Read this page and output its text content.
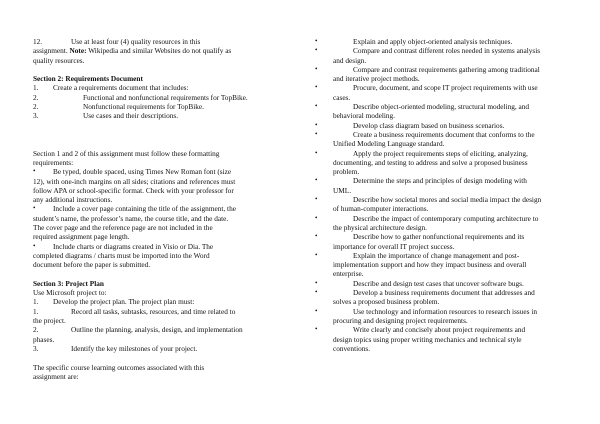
12.	Use at least four (4) quality resources in this
assignment. Note: Wikipedia and similar Websites do not qualify as
quality resources.
Section 2: Requirements Document
1.	Create a requirements document that includes:
2.	Functional and nonfunctional requirements for TopBike.
2.	Nonfunctional requirements for TopBike.
3.	Use cases and their descriptions.
Section 1 and 2 of this assignment must follow these formatting
requirements:
•	Be typed, double spaced, using Times New Roman font (size
12), with one-inch margins on all sides; citations and references must
follow APA or school-specific format. Check with your professor for
any additional instructions.
•	Include a cover page containing the title of the assignment, the
student’s name, the professor’s name, the course title, and the date.
The cover page and the reference page are not included in the
required assignment page length.
•	Include charts or diagrams created in Visio or Dia. The
completed diagrams / charts must be imported into the Word
document before the paper is submitted.
Section 3: Project Plan
Use Microsoft project to:
1.	Develop the project plan. The project plan must:
1.	Record all tasks, subtasks, resources, and time related to
the project.
2.	Outline the planning, analysis, design, and implementation
phases.
3.	Identify the key milestones of your project.
The specific course learning outcomes associated with this
assignment are:
•	Explain and apply object-oriented analysis techniques.
•	Compare and contrast different roles needed in systems analysis
and design.
•	Compare and contrast requirements gathering among traditional
and iterative project methods.
•	Procure, document, and scope IT project requirements with use
cases.
•	Describe object-oriented modeling, structural modeling, and
behavioral modeling.
•	Develop class diagram based on business scenarios.
•	Create a business requirements document that conforms to the
Unified Modeling Language standard.
•	Apply the project requirements steps of eliciting, analyzing,
documenting, and testing to address and solve a proposed business
problem.
•	Determine the steps and principles of design modeling with
UML.
•	Describe how societal mores and social media impact the design
of human-computer interactions.
•	Describe the impact of contemporary computing architecture to
the physical architecture design.
•	Describe how to gather nonfunctional requirements and its
importance for overall IT project success.
•	Explain the importance of change management and post-
implementation support and how they impact business and overall
enterprise.
•	Describe and design test cases that uncover software bugs.
•	Develop a business requirements document that addresses and
solves a proposed business problem.
•	Use technology and information resources to research issues in
procuring and designing project requirements.
•	Write clearly and concisely about project requirements and
design topics using proper writing mechanics and technical style
conventions.
